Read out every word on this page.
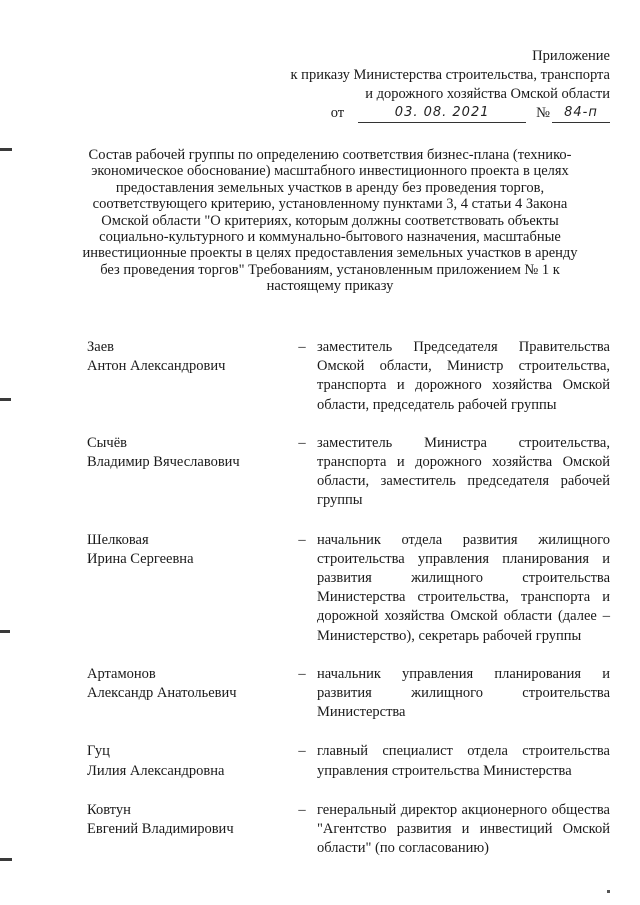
Приложение
к приказу Министерства строительства, транспорта
и дорожного хозяйства Омской области
от	03. 08. 2021	№	84-п
Состав рабочей группы по определению соответствия бизнес-плана (технико-экономическое обоснование) масштабного инвестиционного проекта в целях предоставления земельных участков в аренду без проведения торгов, соответствующего критерию, установленному пунктами 3, 4 статьи 4 Закона Омской области "О критериях, которым должны соответствовать объекты социально-культурного и коммунально-бытового назначения, масштабные инвестиционные проекты в целях предоставления земельных участков в аренду без проведения торгов" Требованиям, установленным приложением № 1 к настоящему приказу
Заев
Антон Александрович
– заместитель Председателя Правительства Омской области, Министр строительства, транспорта и дорожного хозяйства Омской области, председатель рабочей группы
Сычёв
Владимир Вячеславович
– заместитель Министра строительства, транспорта и дорожного хозяйства Омской области, заместитель председателя рабочей группы
Шелковая
Ирина Сергеевна
– начальник отдела развития жилищного строительства управления планирования и развития жилищного строительства Министерства строительства, транспорта и дорожной хозяйства Омской области (далее – Министерство), секретарь рабочей группы
Артамонов
Александр Анатольевич
– начальник управления планирования и развития жилищного строительства Министерства
Гуц
Лилия Александровна
– главный специалист отдела строительства управления строительства Министерства
Ковтун
Евгений Владимирович
– генеральный директор акционерного общества "Агентство развития и инвестиций Омской области" (по согласованию)
